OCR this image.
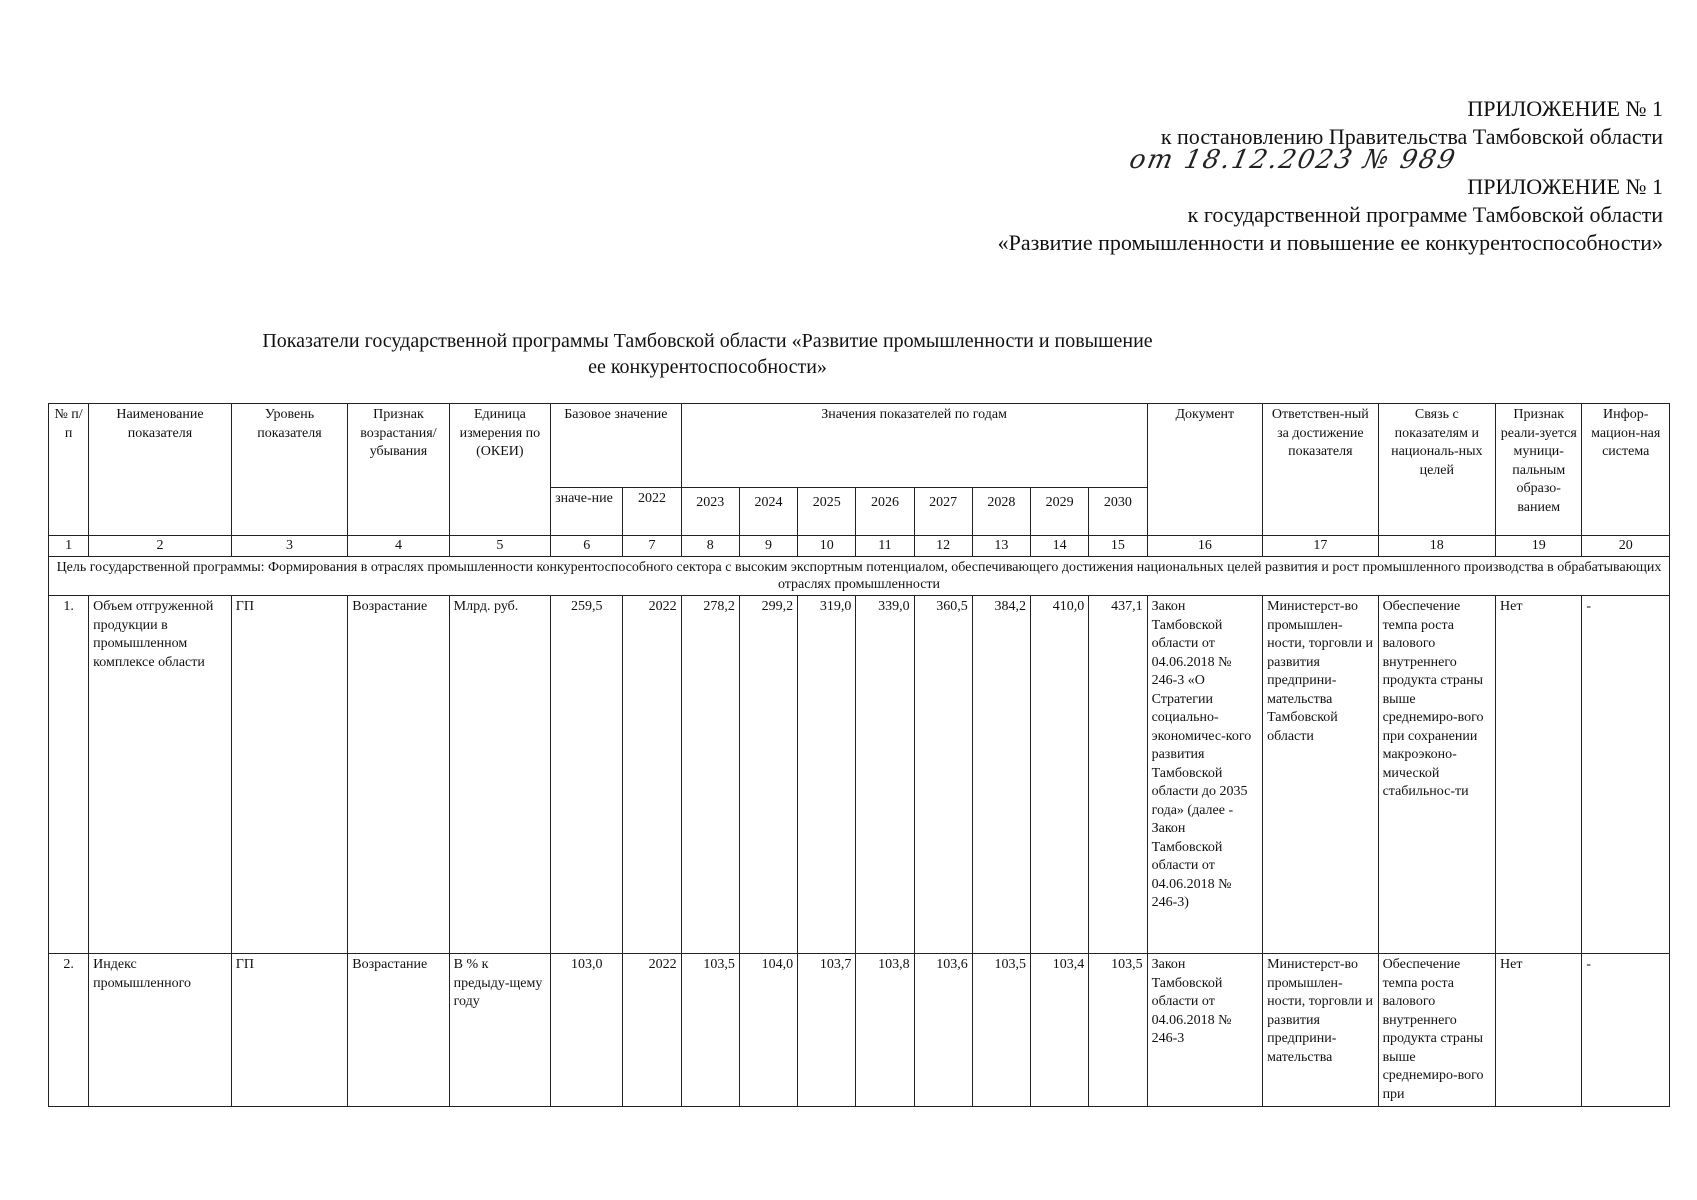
ПРИЛОЖЕНИЕ № 1
к постановлению Правительства Тамбовской области
ПРИЛОЖЕНИЕ № 1
к государственной программе Тамбовской области
«Развитие промышленности и повышение ее конкурентоспособности»
от 18.12.2023 № 989
Показатели государственной программы Тамбовской области «Развитие промышленности и повышение
ее конкурентоспособности»
№ п/п	Наименование показателя	Уровень показателя	Признак возрастания/ убывания	Единица измерения по (ОКЕИ)	Базовое значение		Значения показателей по годам								Документ	Ответствен-ный за достижение показателя	Связь с показателям и националь-ных целей	Признак реали-зуется муници-пальным образо-ванием	Инфор-мацион-ная система
					значе-ние	2022	2023	2024	2025	2026	2027	2028	2029	2030					
1	2	3	4	5	6	7	8	9	10	11	12	13	14	15	16	17	18	19	20
Цель государственной программы: Формирования в отраслях промышленности конкурентоспособного сектора с высоким экспортным потенциалом, обеспечивающего достижения национальных целей развития и рост промышленного производства в обрабатывающих отраслях промышленности																			
1.	Объем отгруженной продукции в промышленном комплексе области	ГП	Возрастание	Млрд. руб.	259,5	2022	278,2	299,2	319,0	339,0	360,5	384,2	410,0	437,1	Закон Тамбовской области от 04.06.2018 № 246-3 «О Стратегии социально-экономичес-кого развития Тамбовской области до 2035 года» (далее - Закон Тамбовской области от 04.06.2018 № 246-3)	Министерст-во промышлен-ности, торговли и развития предприни-мательства Тамбовской области	Обеспечение темпа роста валового внутреннего продукта страны выше среднемиро-вого при сохранении макроэконо-мической стабильнос-ти	Нет	-
2.	Индекс промышленного	ГП	Возрастание	В % к предыду-щему году	103,0	2022	103,5	104,0	103,7	103,8	103,6	103,5	103,4	103,5	Закон Тамбовской области от 04.06.2018 № 246-3	Министерст-во промышлен-ности, торговли и развития предприни-мательства	Обеспечение темпа роста валового внутреннего продукта страны выше среднемиро-вого при	Нет	-
